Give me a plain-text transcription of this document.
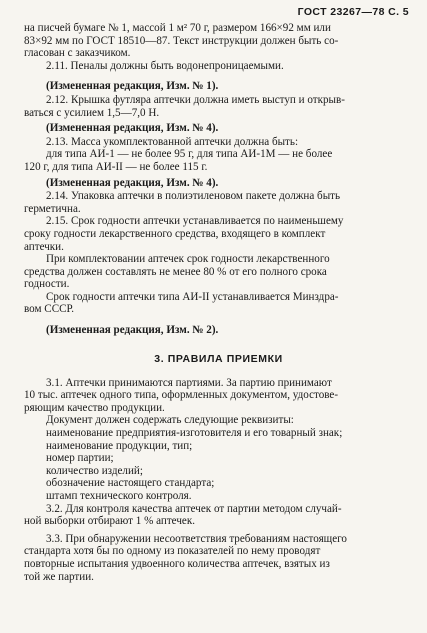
ГОСТ 23267—78 С. 5

на писчей бумаге № 1, массой 1 м² 70 г, размером 166×92 мм или

83×92 мм по ГОСТ 18510—87. Текст инструкции должен быть со-

гласован с заказчиком.

2.11. Пеналы должны быть водонепроницаемыми.

(Измененная редакция, Изм. № 1).

2.12. Крышка футляра аптечки должна иметь выступ и открыв-

ваться с усилием 1,5—7,0 Н.

(Измененная редакция, Изм. № 4).

2.13. Масса укомплектованной аптечки должна быть:

для типа АИ-1 — не более 95 г, для типа АИ-1М — не более

120 г, для типа АИ-II — не более 115 г.

(Измененная редакция, Изм. № 4).

2.14. Упаковка аптечки в полиэтиленовом пакете должна быть

герметична.

2.15. Срок годности аптечки устанавливается по наименьшему

сроку годности лекарственного средства, входящего в комплект

аптечки.

При комплектовании аптечек срок годности лекарственного

средства должен составлять не менее 80 % от его полного срока

годности.

Срок годности аптечки типа АИ-II устанавливается Минздра-

вом СССР.

(Измененная редакция, Изм. № 2).

3. ПРАВИЛА ПРИЕМКИ

3.1. Аптечки принимаются партиями. За партию принимают

10 тыс. аптечек одного типа, оформленных документом, удостове-

ряющим качество продукции.

Документ должен содержать следующие реквизиты:

наименование предприятия-изготовителя и его товарный знак;

наименование продукции, тип;

номер партии;

количество изделий;

обозначение настоящего стандарта;

штамп технического контроля.

3.2. Для контроля качества аптечек от партии методом случай-

ной выборки отбирают 1 % аптечек.

3.3. При обнаружении несоответствия требованиям настоящего

стандарта хотя бы по одному из показателей по нему проводят

повторные испытания удвоенного количества аптечек, взятых из

той же партии.
